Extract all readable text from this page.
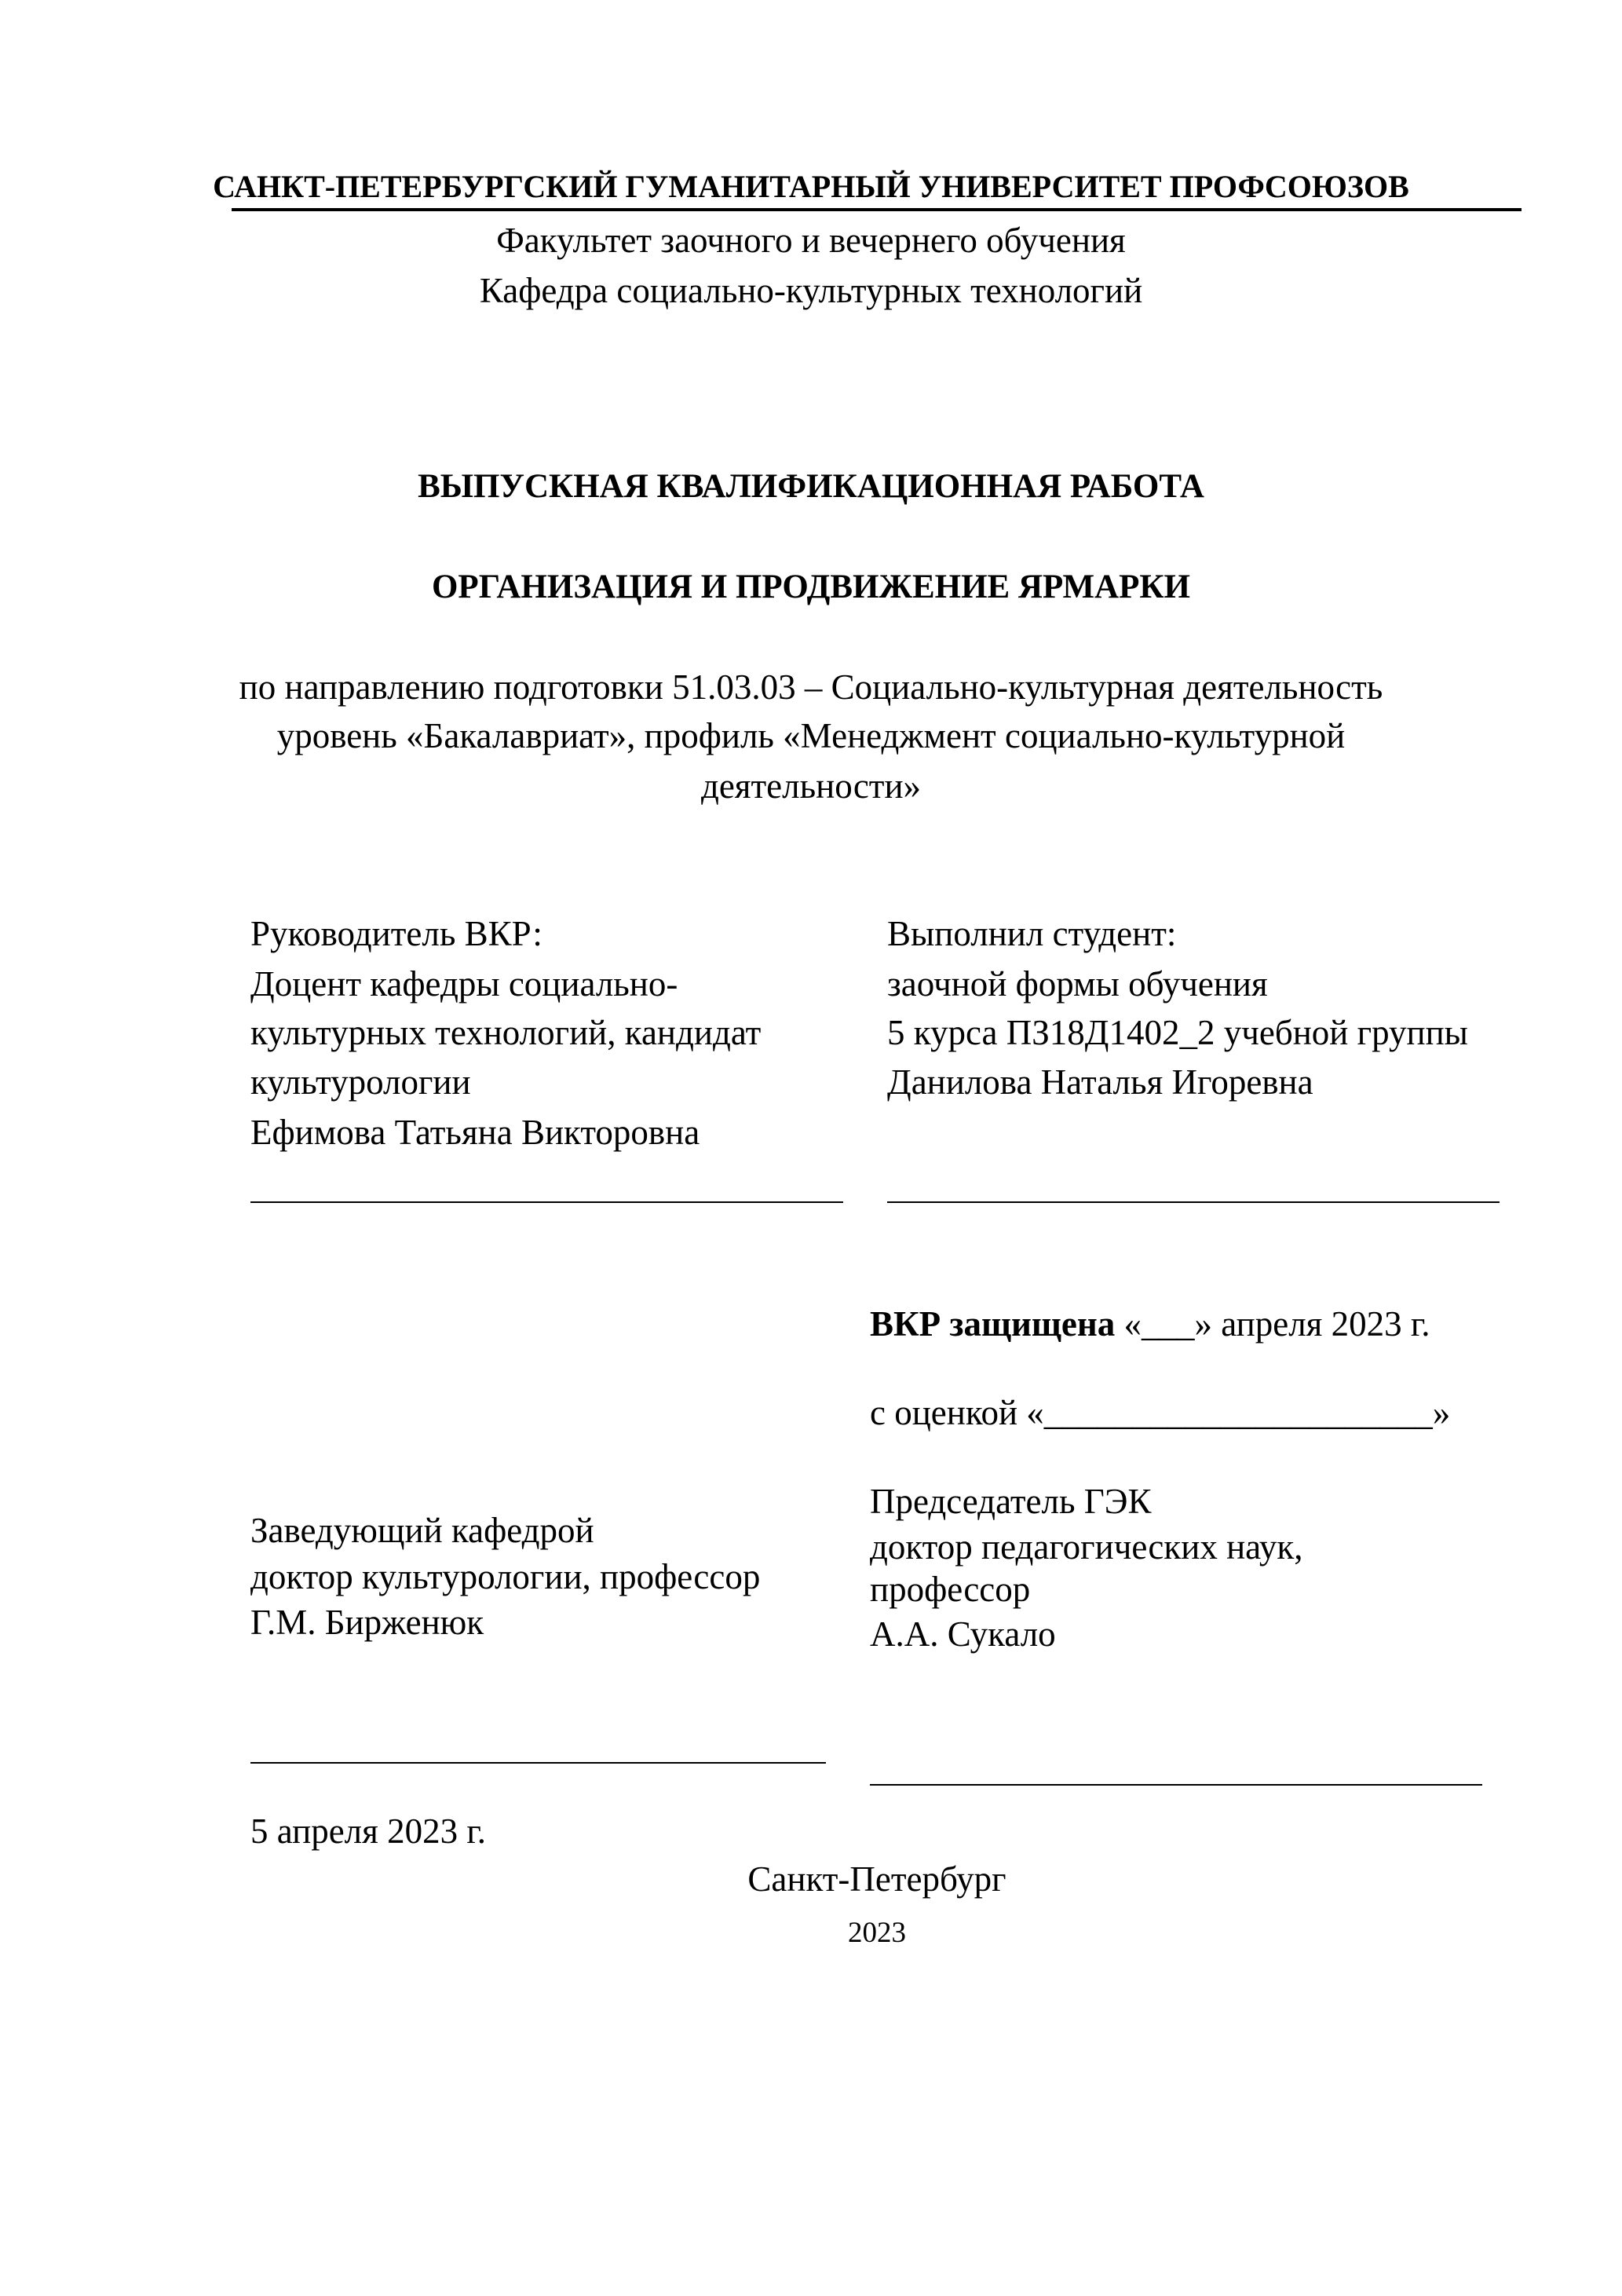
САНКТ-ПЕТЕРБУРГСКИЙ ГУМАНИТАРНЫЙ УНИВЕРСИТЕТ ПРОФСОЮЗОВ
Факультет заочного и вечернего обучения
Кафедра социально-культурных технологий
ВЫПУСКНАЯ КВАЛИФИКАЦИОННАЯ РАБОТА
ОРГАНИЗАЦИЯ И ПРОДВИЖЕНИЕ ЯРМАРКИ
по направлению подготовки 51.03.03 – Социально-культурная деятельность
уровень «Бакалавриат», профиль «Менеджмент социально-культурной
деятельности»
Руководитель ВКР:
Доцент кафедры социально-
культурных технологий, кандидат
культурологии
Ефимова Татьяна Викторовна
Выполнил студент:
заочной формы обучения
5 курса ПЗ18Д1402_2 учебной группы
Данилова Наталья Игоревна
ВКР защищена «___» апреля 2023 г.
с оценкой «______________________»
Председатель ГЭК
доктор педагогических наук,
профессор
А.А. Сукало
Заведующий кафедрой
доктор культурологии, профессор
Г.М. Бирженюк
5 апреля 2023 г.
Санкт-Петербург
2023
